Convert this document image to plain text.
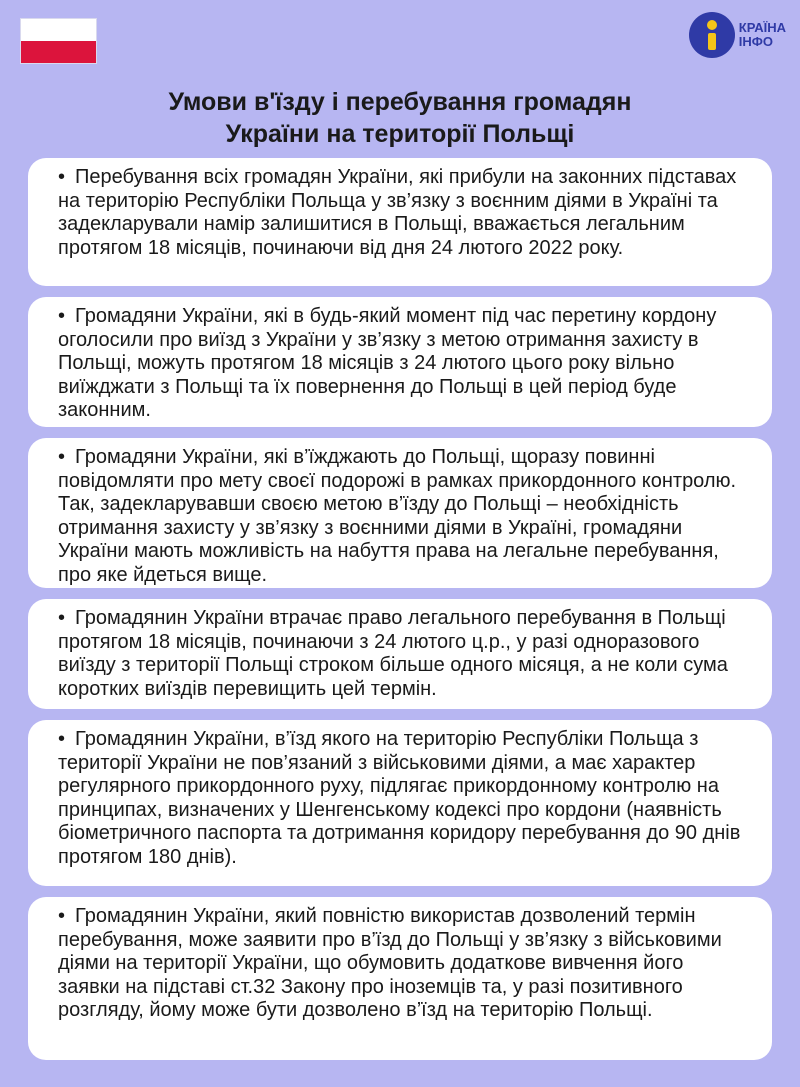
КРАЇНА
ІНФО
Умови в'їзду і перебування громадян
України на території Польщі
• Перебування всіх громадян України, які прибули на законних підставах на територію Республіки Польща у зв’язку з воєнним діями в Україні та задекларували намір залишитися в Польщі, вважається легальним протягом 18 місяців, починаючи від дня 24 лютого 2022 року.
• Громадяни України, які в будь-який момент під час перетину кордону оголосили про виїзд з України у зв’язку з метою отримання захисту в Польщі, можуть протягом 18 місяців з 24 лютого цього року вільно виїжджати з Польщі та їх повернення до Польщі в цей період буде законним.
• Громадяни України, які в’їжджають до Польщі, щоразу повинні повідомляти про мету своєї подорожі в рамках прикордонного контролю. Так, задекларувавши своєю метою в’їзду до Польщі – необхідність отримання захисту у зв’язку з воєнними діями в Україні, громадяни України мають можливість на набуття права на легальне перебування, про яке йдеться вище.
• Громадянин України втрачає право легального перебування в Польщі протягом 18 місяців, починаючи з 24 лютого ц.р., у разі одноразового виїзду з території Польщі строком більше одного місяця, а не коли сума коротких виїздів перевищить цей термін.
• Громадянин України, в’їзд якого на територію Республіки Польща з території України не пов’язаний з військовими діями, а має характер регулярного прикордонного руху, підлягає прикордонному контролю на принципах, визначених у Шенгенському кодексі про кордони (наявність біометричного паспорта та дотримання коридору перебування до 90 днів протягом 180 днів).
• Громадянин України, який повністю використав дозволений термін перебування, може заявити про в’їзд до Польщі у зв’язку з військовими діями на території України, що обумовить додаткове вивчення його заявки на підставі ст.32 Закону про іноземців та, у разі позитивного розгляду, йому може бути дозволено в’їзд на територію Польщі.
